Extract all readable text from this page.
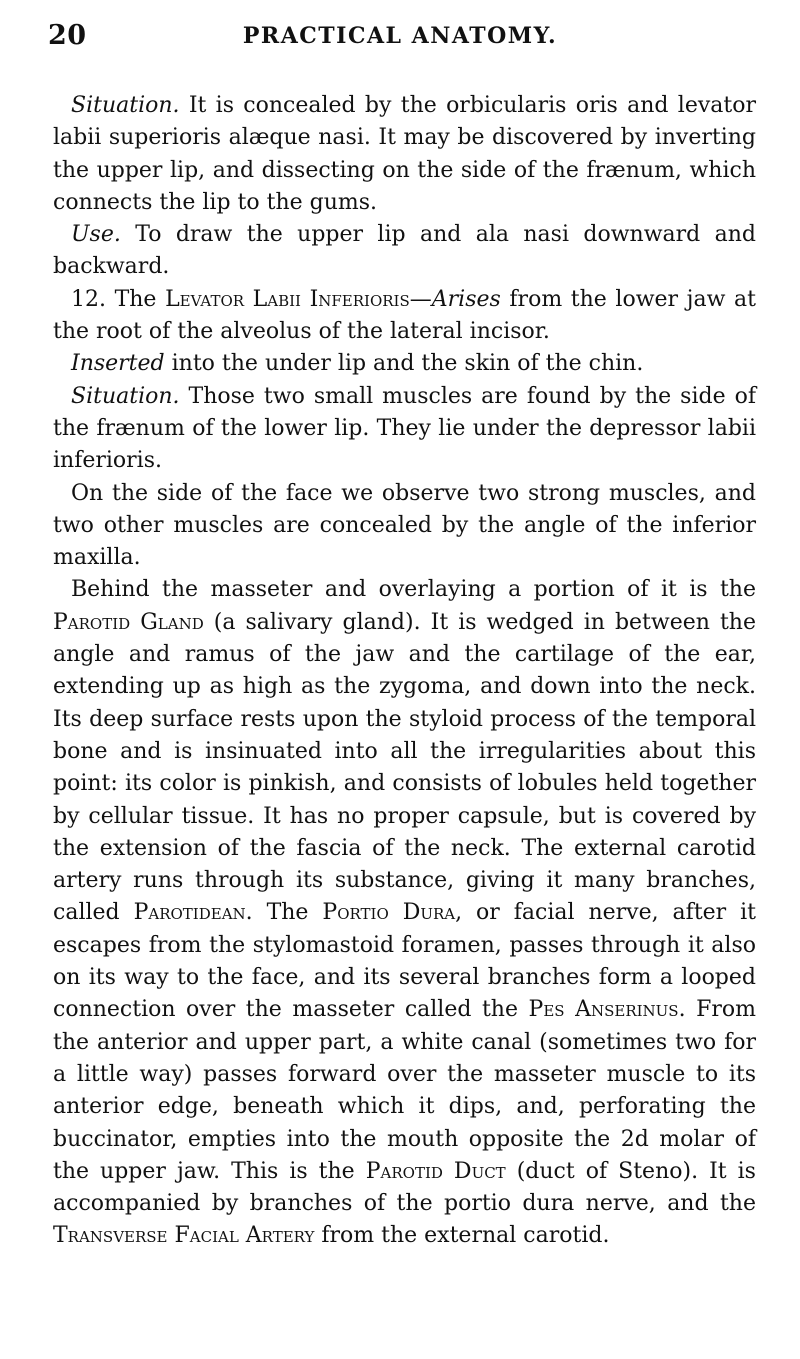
20	PRACTICAL ANATOMY.

Situation. It is concealed by the orbicularis oris and levator labii superioris alæque nasi. It may be discovered by inverting the upper lip, and dissecting on the side of the frænum, which connects the lip to the gums.

Use. To draw the upper lip and ala nasi downward and backward.

12. The Levator Labii Inferioris—Arises from the lower jaw at the root of the alveolus of the lateral incisor.

Inserted into the under lip and the skin of the chin.

Situation. Those two small muscles are found by the side of the frænum of the lower lip. They lie under the depressor labii inferioris.

On the side of the face we observe two strong muscles, and two other muscles are concealed by the angle of the inferior maxilla.

Behind the masseter and overlaying a portion of it is the Parotid Gland (a salivary gland). It is wedged in between the angle and ramus of the jaw and the cartilage of the ear, extending up as high as the zygoma, and down into the neck. Its deep surface rests upon the styloid process of the temporal bone and is insinuated into all the irregularities about this point: its color is pinkish, and consists of lobules held together by cellular tissue. It has no proper capsule, but is covered by the extension of the fascia of the neck. The external carotid artery runs through its substance, giving it many branches, called Parotidean. The Portio Dura, or facial nerve, after it escapes from the stylomastoid foramen, passes through it also on its way to the face, and its several branches form a looped connection over the masseter called the Pes Anserinus. From the anterior and upper part, a white canal (sometimes two for a little way) passes forward over the masseter muscle to its anterior edge, beneath which it dips, and, perforating the buccinator, empties into the mouth opposite the 2d molar of the upper jaw. This is the Parotid Duct (duct of Steno). It is accompanied by branches of the portio dura nerve, and the Transverse Facial Artery from the external carotid.
